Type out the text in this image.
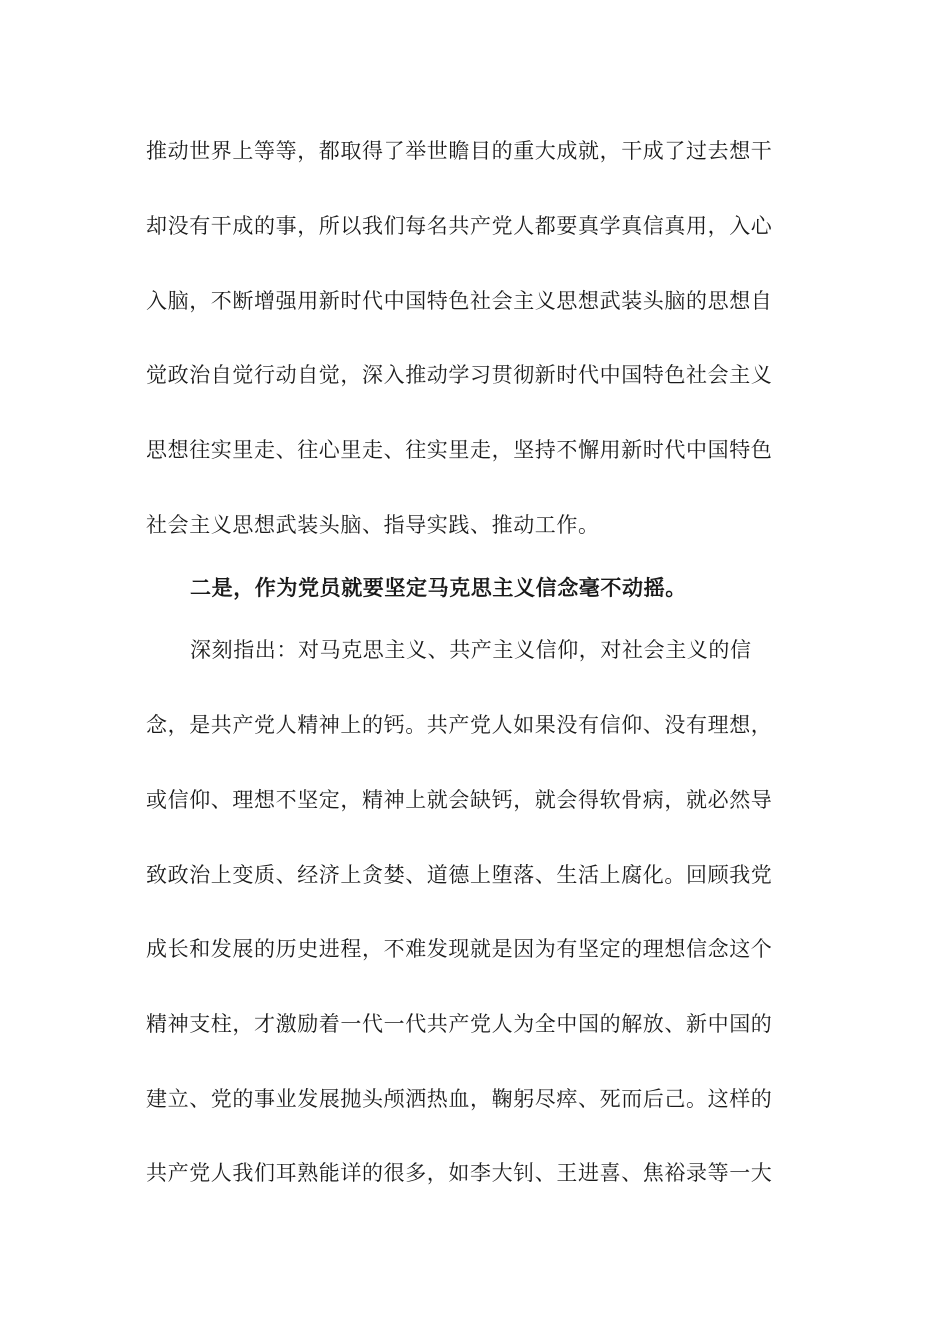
推动世界上等等，都取得了举世瞻目的重大成就，干成了过去想干
却没有干成的事，所以我们每名共产党人都要真学真信真用，入心
入脑，不断增强用新时代中国特色社会主义思想武装头脑的思想自
觉政治自觉行动自觉，深入推动学习贯彻新时代中国特色社会主义
思想往实里走、往心里走、往实里走，坚持不懈用新时代中国特色
社会主义思想武装头脑、指导实践、推动工作。
二是，作为党员就要坚定马克思主义信念毫不动摇。
深刻指出：对马克思主义、共产主义信仰，对社会主义的信
念，是共产党人精神上的钙。共产党人如果没有信仰、没有理想，
或信仰、理想不坚定，精神上就会缺钙，就会得软骨病，就必然导
致政治上变质、经济上贪婪、道德上堕落、生活上腐化。回顾我党
成长和发展的历史进程，不难发现就是因为有坚定的理想信念这个
精神支柱，才激励着一代一代共产党人为全中国的解放、新中国的
建立、党的事业发展抛头颅洒热血，鞠躬尽瘁、死而后己。这样的
共产党人我们耳熟能详的很多，如李大钊、王进喜、焦裕录等一大
